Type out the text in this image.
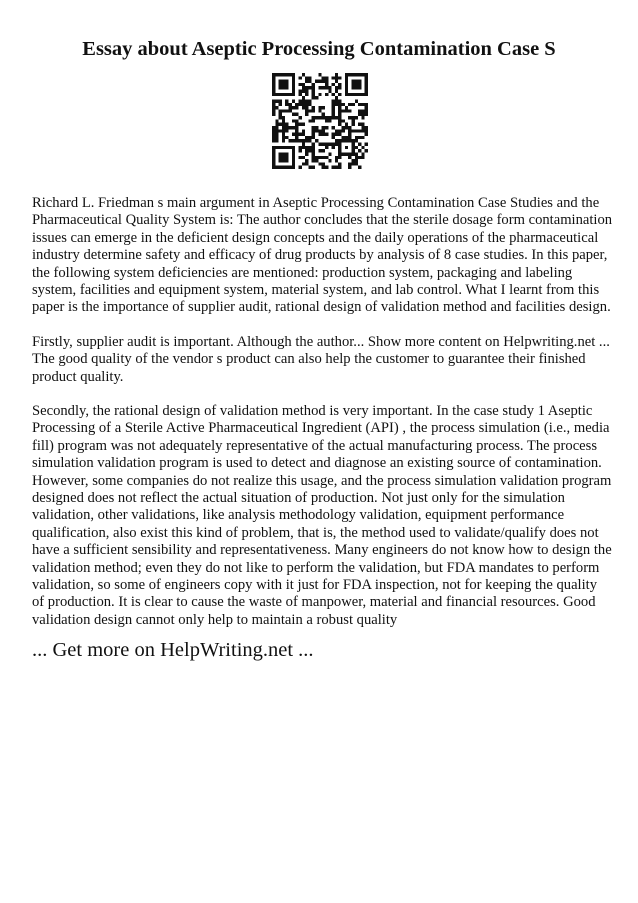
Essay about Aseptic Processing Contamination Case S
Richard L. Friedman s main argument in Aseptic Processing Contamination Case Studies and the
Pharmaceutical Quality System is: The author concludes that the sterile dosage form contamination
issues can emerge in the deficient design concepts and the daily operations of the pharmaceutical
industry determine safety and efficacy of drug products by analysis of 8 case studies. In this paper,
the following system deficiencies are mentioned: production system, packaging and labeling
system, facilities and equipment system, material system, and lab control. What I learnt from this
paper is the importance of supplier audit, rational design of validation method and facilities design.
Firstly, supplier audit is important. Although the author... Show more content on Helpwriting.net ...
The good quality of the vendor s product can also help the customer to guarantee their finished
product quality.
Secondly, the rational design of validation method is very important. In the case study 1 Aseptic
Processing of a Sterile Active Pharmaceutical Ingredient (API) , the process simulation (i.e., media
fill) program was not adequately representative of the actual manufacturing process. The process
simulation validation program is used to detect and diagnose an existing source of contamination.
However, some companies do not realize this usage, and the process simulation validation program
designed does not reflect the actual situation of production. Not just only for the simulation
validation, other validations, like analysis methodology validation, equipment performance
qualification, also exist this kind of problem, that is, the method used to validate/qualify does not
have a sufficient sensibility and representativeness. Many engineers do not know how to design the
validation method; even they do not like to perform the validation, but FDA mandates to perform
validation, so some of engineers copy with it just for FDA inspection, not for keeping the quality
of production. It is clear to cause the waste of manpower, material and financial resources. Good
validation design cannot only help to maintain a robust quality
... Get more on HelpWriting.net ...
